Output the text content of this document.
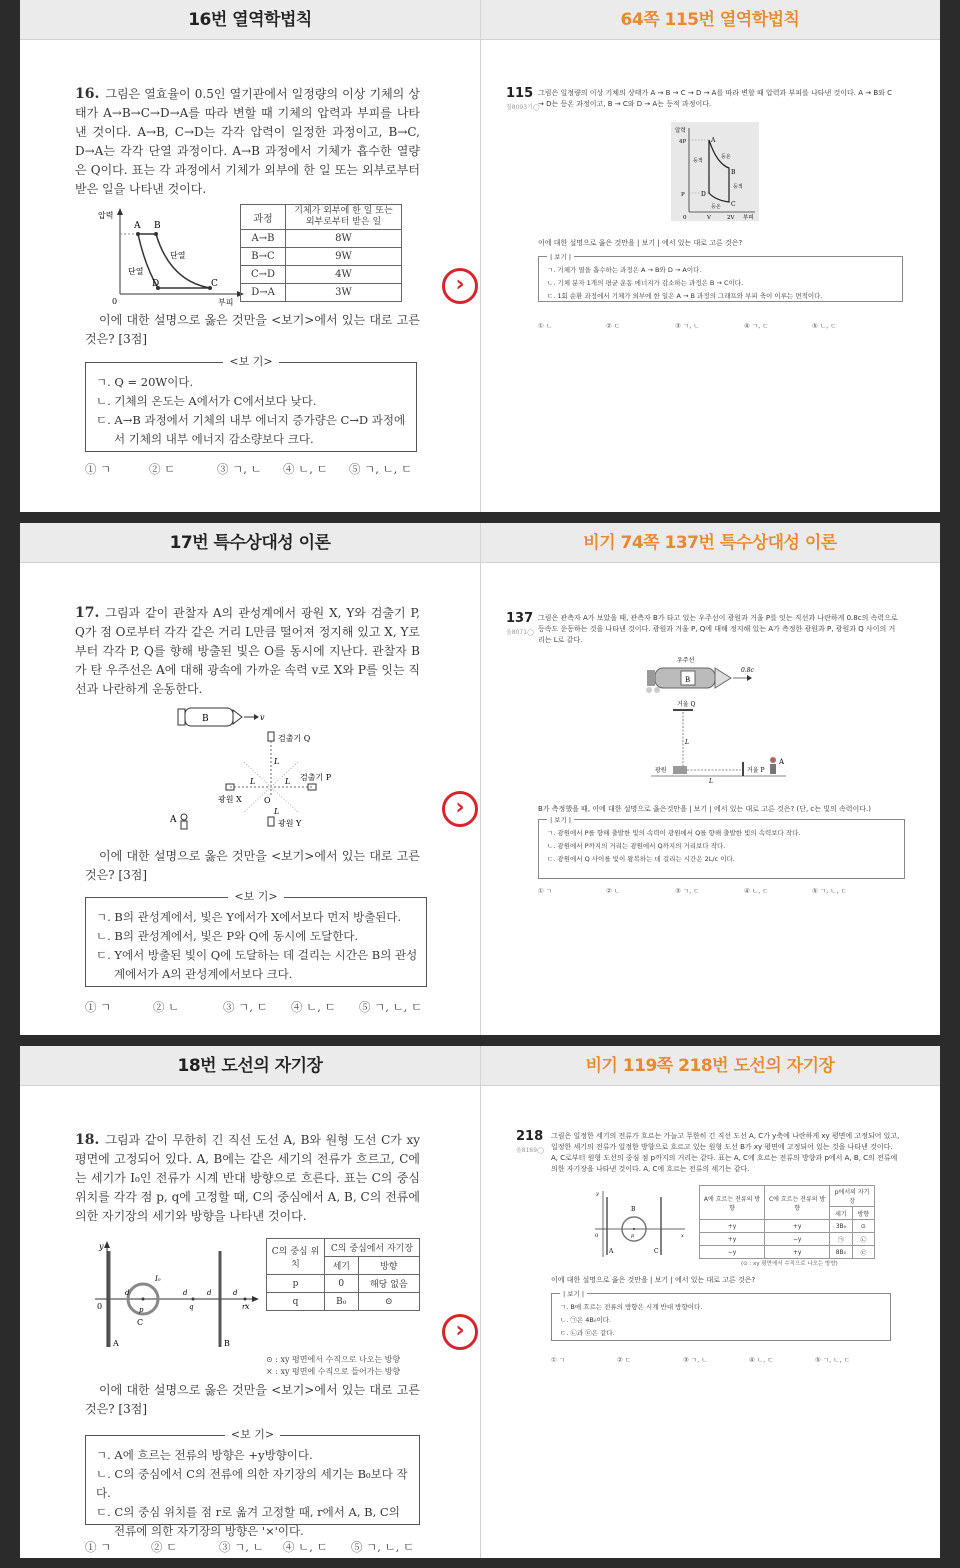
16번 열역학법칙	64쪽 115번 열역학법칙
16. 그림은 열효율이 0.5인 열기관에서 일정량의 이상 기체의 상태가 A→B→C→D→A를 따라 변할 때 기체의 압력과 부피를 나타낸 것이다. A→B, C→D는 각각 압력이 일정한 과정이고, B→C, D→A는 각각 단열 과정이다. A→B 과정에서 기체가 흡수한 열량은 Q이다. 표는 각 과정에서 기체가 외부에 한 일 또는 외부로부터 받은 일을 나타낸 것이다.
압력
부피
0
A B
C
D
단열
단열
과정	기체가 외부에 한 일 또는 외부로부터 받은 일
A→B	8W
B→C	9W
C→D	4W
D→A	3W
이에 대한 설명으로 옳은 것만을 <보기>에서 있는 대로 고른 것은? [3점]
<보 기>
ㄱ. Q = 20W이다.
ㄴ. 기체의 온도는 A에서가 C에서보다 낮다.
ㄷ. A→B 과정에서 기체의 내부 에너지 증가량은 C→D 과정에서 기체의 내부 에너지 감소량보다 크다.
① ㄱ	② ㄷ	③ ㄱ, ㄴ ④ ㄴ, ㄷ ⑤ ㄱ, ㄴ, ㄷ
115
철8093기◯
그림은 일정량의 이상 기체의 상태가 A → B → C → D → A를 따라 변할 때 압력과 부피를 나타낸 것이다. A → B와 C → D는 등온 과정이고, B → C와 D → A는 등적 과정이다.
압력
부피
4P
P
V	2V
0
A
B
C
D
등적
등온
등적
등온
이에 대한 설명으로 옳은 것만을 | 보기 | 에서 있는 대로 고른 것은?
| 보기 |
ㄱ. 기체가 열을 흡수하는 과정은 A → B와 D → A이다.
ㄴ. 기체 분자 1개의 평균 운동 에너지가 감소하는 과정은 B → C이다.
ㄷ. 1회 순환 과정에서 기체가 외부에 한 일은 A → B 과정의 그래프와 부피 축이 이루는 면적이다.
① ㄴ	② ㄷ	③ ㄱ, ㄴ	④ ㄱ, ㄷ	⑤ ㄴ, ㄷ
›
17번 특수상대성 이론	비기 74쪽 137번 특수상대성 이론
17. 그림과 같이 관찰자 A의 관성계에서 광원 X, Y와 검출기 P, Q가 점 O로부터 각각 같은 거리 L만큼 떨어져 정지해 있고 X, Y로부터 각각 P, Q를 향해 방출된 빛은 O를 동시에 지난다. 관찰자 B가 탄 우주선은 A에 대해 광속에 가까운 속력 v로 X와 P를 잇는 직선과 나란하게 운동한다.
B	v
검출기 Q
광원 X
검출기 P
O
L
L	L
L
광원 Y
A
이에 대한 설명으로 옳은 것만을 <보기>에서 있는 대로 고른 것은? [3점]
<보 기>
ㄱ. B의 관성계에서, 빛은 Y에서가 X에서보다 먼저 방출된다.
ㄴ. B의 관성계에서, 빛은 P와 Q에 동시에 도달한다.
ㄷ. Y에서 방출된 빛이 Q에 도달하는 데 걸리는 시간은 B의 관성계에서가 A의 관성계에서보다 크다.
① ㄱ	② ㄴ	③ ㄱ, ㄷ ④ ㄴ, ㄷ ⑤ ㄱ, ㄴ, ㄷ
137
올8071◯
그림은 관측자 A가 보았을 때, 관측자 B가 타고 있는 우주선이 광원과 거울 P를 잇는 직선과 나란하게 0.8c의 속력으로 등속도 운동하는 것을 나타낸 것이다. 광원과 거울 P, Q에 대해 정지해 있는 A가 측정한 광원과 P, 광원과 Q 사이의 거리는 L로 같다.
우주선
B
0.8c
거울 Q
L
광원
L
거울 P
A
B가 측정했을 때, 이에 대한 설명으로 옳은것만을 | 보기 | 에서 있는 대로 고른 것은? (단, c는 빛의 속력이다.)
| 보기 |
ㄱ. 광원에서 P를 향해 출발한 빛의 속력이 광원에서 Q를 향해 출발한 빛의 속력보다 작다.
ㄴ. 광원에서 P까지의 거리는 광원에서 Q까지의 거리보다 작다.
ㄷ. 광원에서 Q 사이를 빛이 왕복하는 데 걸리는 시간은 2L/c 이다.
① ㄱ	② ㄴ	③ ㄱ, ㄷ	④ ㄴ, ㄷ	⑤ ㄱ, ㄴ, ㄷ
›
18번 도선의 자기장	비기 119쪽 218번 도선의 자기장
18. 그림과 같이 무한히 긴 직선 도선 A, B와 원형 도선 C가 xy평면에 고정되어 있다. A, B에는 같은 세기의 전류가 흐르고, C에는 세기가 I₀인 전류가 시계 반대 방향으로 흐른다. 표는 C의 중심 위치를 각각 점 p, q에 고정할 때, C의 중심에서 A, B, C의 전류에 의한 자기장의 세기와 방향을 나타낸 것이다.
y
x
0
A	B
p
C
I₀
q	r
d	d	d	d
C의 중심 위치	C의 중심에서 자기장	
	세기	방향
p	0	해당 없음
q	B₀	⊙
⊙ : xy 평면에서 수직으로 나오는 방향
× : xy 평면에 수직으로 들어가는 방향
이에 대한 설명으로 옳은 것만을 <보기>에서 있는 대로 고른 것은? [3점]
<보 기>
ㄱ. A에 흐르는 전류의 방향은 +y방향이다.
ㄴ. C의 중심에서 C의 전류에 의한 자기장의 세기는 B₀보다 작다.
ㄷ. C의 중심 위치를 점 r로 옮겨 고정할 때, r에서 A, B, C의 전류에 의한 자기장의 방향은 '×'이다.
① ㄱ	② ㄷ	③ ㄱ, ㄴ ④ ㄴ, ㄷ ⑤ ㄱ, ㄴ, ㄷ
218
올8169◯
그림은 일정한 세기의 전류가 흐르는 가늘고 무한히 긴 직선 도선 A, C가 y축에 나란하게 xy 평면에 고정되어 있고, 일정한 세기의 전류가 일정한 방향으로 흐르고 있는 원형 도선 B가 xy 평면에 고정되어 있는 것을 나타낸 것이다. A, C로부터 원형 도선의 중심 점 p까지의 거리는 같다. 표는 A, C에 흐르는 전류의 방향과 p에서 A, B, C의 전류에 의한 자기장을 나타낸 것이다. A, C에 흐르는 전류의 세기는 같다.
y
x
0
A	C
B
p
A에 흐르는 전류의 방향	C에 흐르는 전류의 방향	p에서의 자기장	
		세기	방향
+y	+y	3B₀	⊙
+y	−y	㉠	㉡
−y	+y	8B₀	㉢
(⊙ : xy 평면에서 수직으로 나오는 방향)
이에 대한 설명으로 옳은 것만을 | 보기 | 에서 있는 대로 고른 것은?
| 보기 |
ㄱ. B에 흐르는 전류의 방향은 시계 반대 방향이다.
ㄴ. ㉠은 4B₀이다.
ㄷ. ㉡과 ㉢은 같다.
① ㄱ	② ㄷ	③ ㄱ, ㄴ	④ ㄴ, ㄷ	⑤ ㄱ, ㄴ, ㄷ
›
